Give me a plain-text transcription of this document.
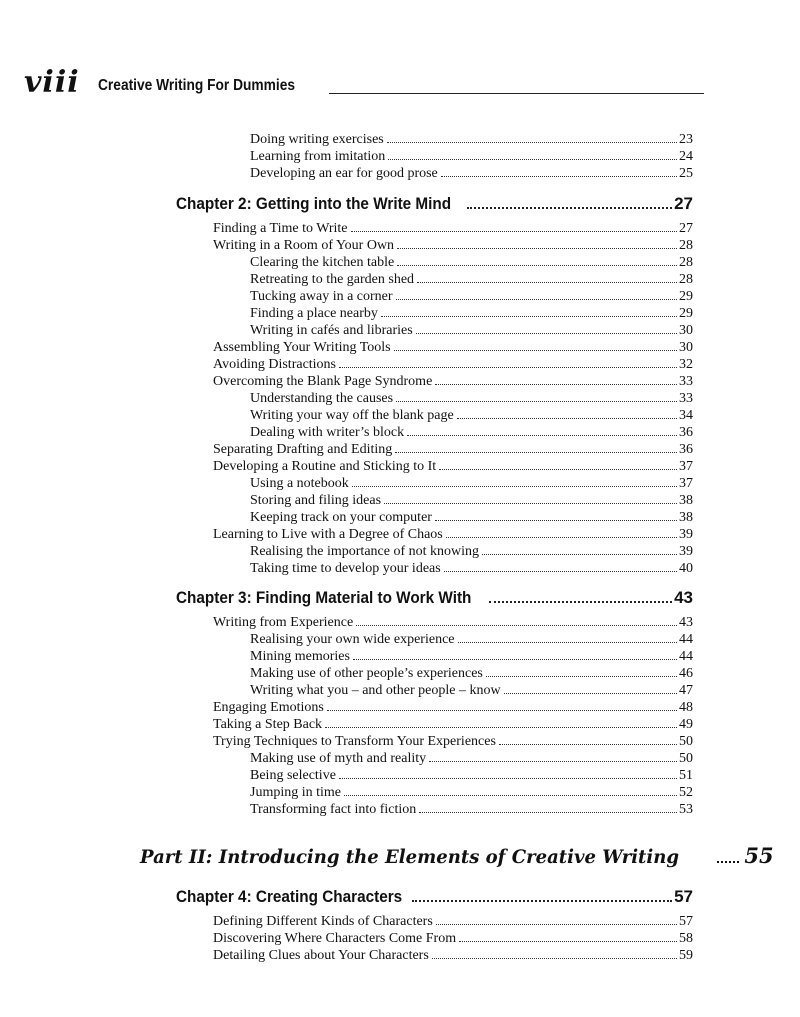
viii Creative Writing For Dummies
Doing writing exercises	23
Learning from imitation	24
Developing an ear for good prose	25
Chapter 2: Getting into the Write Mind	27
Finding a Time to Write	27
Writing in a Room of Your Own	28
Clearing the kitchen table	28
Retreating to the garden shed	28
Tucking away in a corner	29
Finding a place nearby	29
Writing in cafés and libraries	30
Assembling Your Writing Tools	30
Avoiding Distractions	32
Overcoming the Blank Page Syndrome	33
Understanding the causes	33
Writing your way off the blank page	34
Dealing with writer’s block	36
Separating Drafting and Editing	36
Developing a Routine and Sticking to It	37
Using a notebook	37
Storing and filing ideas	38
Keeping track on your computer	38
Learning to Live with a Degree of Chaos	39
Realising the importance of not knowing	39
Taking time to develop your ideas	40
Chapter 3: Finding Material to Work With	43
Writing from Experience	43
Realising your own wide experience	44
Mining memories	44
Making use of other people’s experiences	46
Writing what you – and other people – know	47
Engaging Emotions	48
Taking a Step Back	49
Trying Techniques to Transform Your Experiences	50
Making use of myth and reality	50
Being selective	51
Jumping in time	52
Transforming fact into fiction	53
Part II: Introducing the Elements of Creative Writing	55
Chapter 4: Creating Characters	57
Defining Different Kinds of Characters	57
Discovering Where Characters Come From	58
Detailing Clues about Your Characters	59
